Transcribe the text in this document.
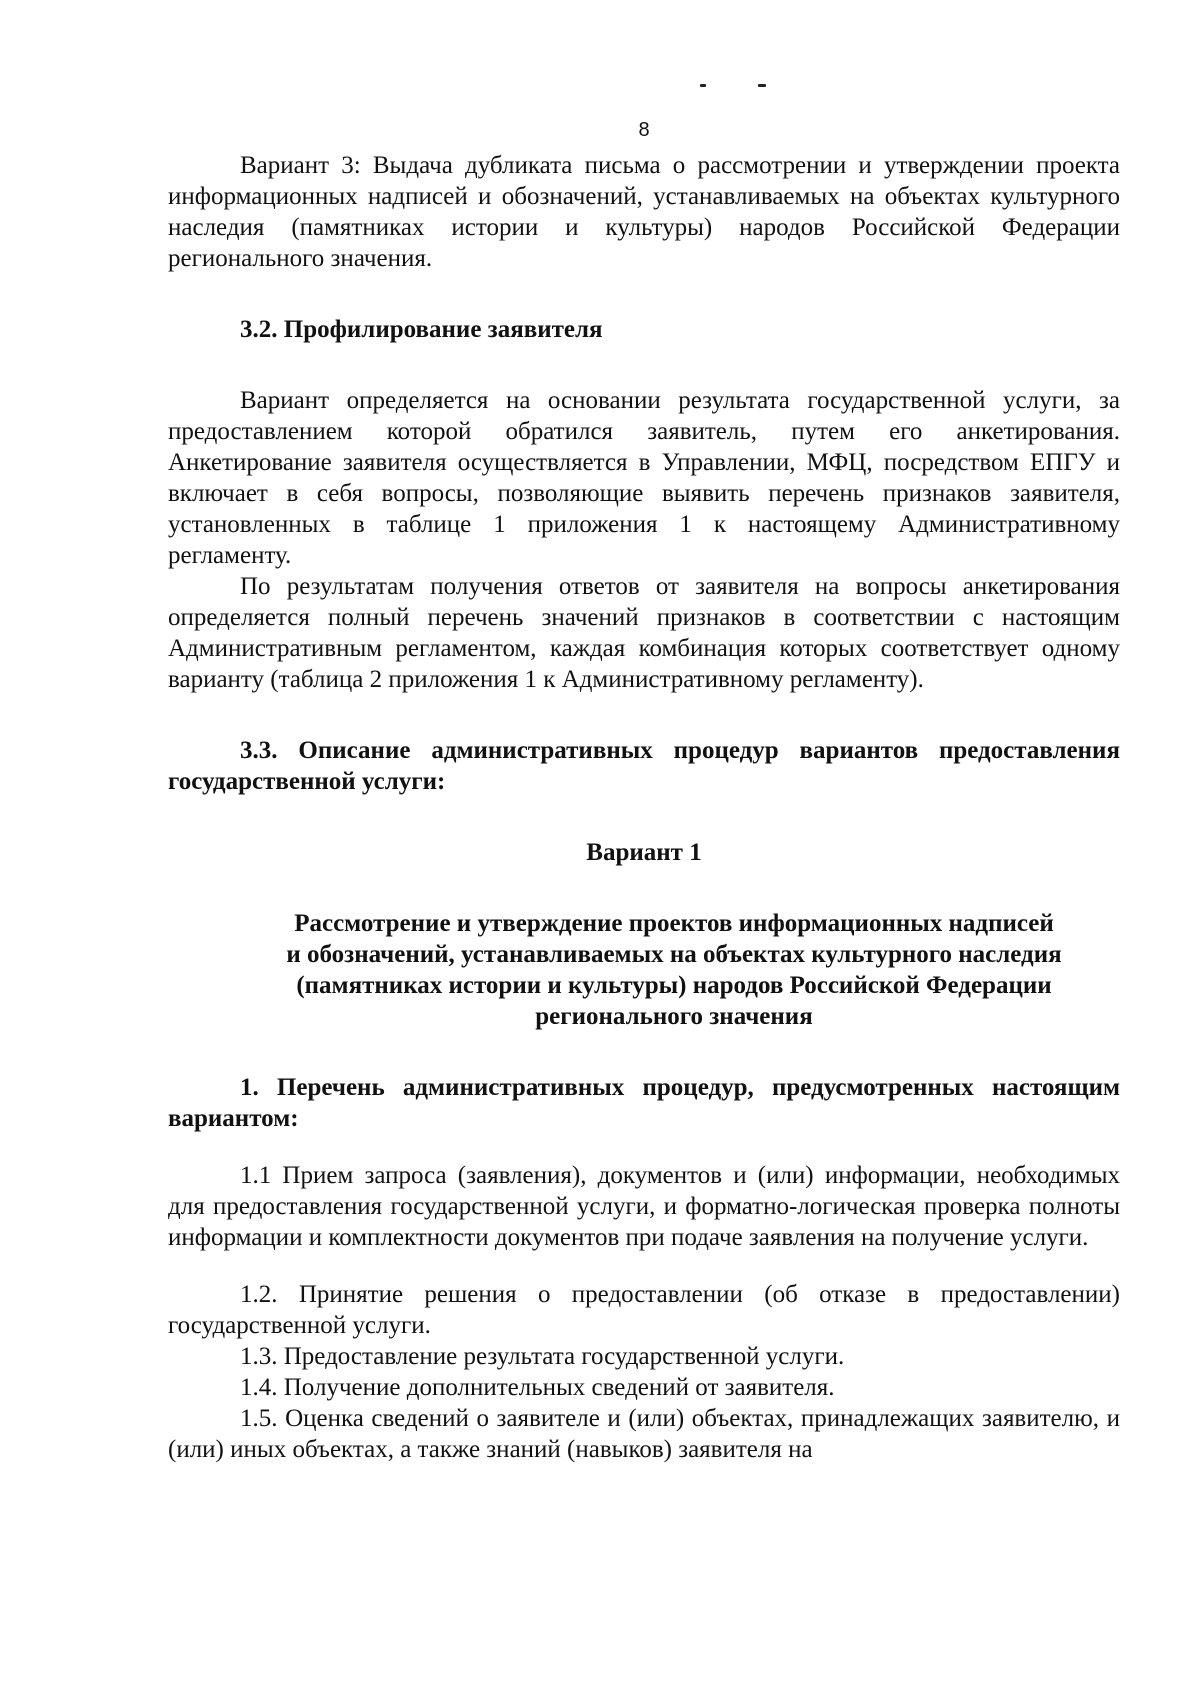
8

Вариант 3: Выдача дубликата письма о рассмотрении и утверждении проекта информационных надписей и обозначений, устанавливаемых на объектах культурного наследия (памятниках истории и культуры) народов Российской Федерации регионального значения.

3.2. Профилирование заявителя

Вариант определяется на основании результата государственной услуги, за предоставлением которой обратился заявитель, путем его анкетирования. Анкетирование заявителя осуществляется в Управлении, МФЦ, посредством ЕПГУ и включает в себя вопросы, позволяющие выявить перечень признаков заявителя, установленных в таблице 1 приложения 1 к настоящему Административному регламенту.

По результатам получения ответов от заявителя на вопросы анкетирования определяется полный перечень значений признаков в соответствии с настоящим Административным регламентом, каждая комбинация которых соответствует одному варианту (таблица 2 приложения 1 к Административному регламенту).

3.3. Описание административных процедур вариантов предоставления государственной услуги:

Вариант 1

Рассмотрение и утверждение проектов информационных надписей
и обозначений, устанавливаемых на объектах культурного наследия
(памятниках истории и культуры) народов Российской Федерации
регионального значения

1. Перечень административных процедур, предусмотренных настоящим вариантом:

1.1 Прием запроса (заявления), документов и (или) информации, необходимых для предоставления государственной услуги, и форматно-логическая проверка полноты информации и комплектности документов при подаче заявления на получение услуги.

1.2. Принятие решения о предоставлении (об отказе в предоставлении) государственной услуги.

1.3. Предоставление результата государственной услуги.

1.4. Получение дополнительных сведений от заявителя.

1.5. Оценка сведений о заявителе и (или) объектах, принадлежащих заявителю, и (или) иных объектах, а также знаний (навыков) заявителя на
